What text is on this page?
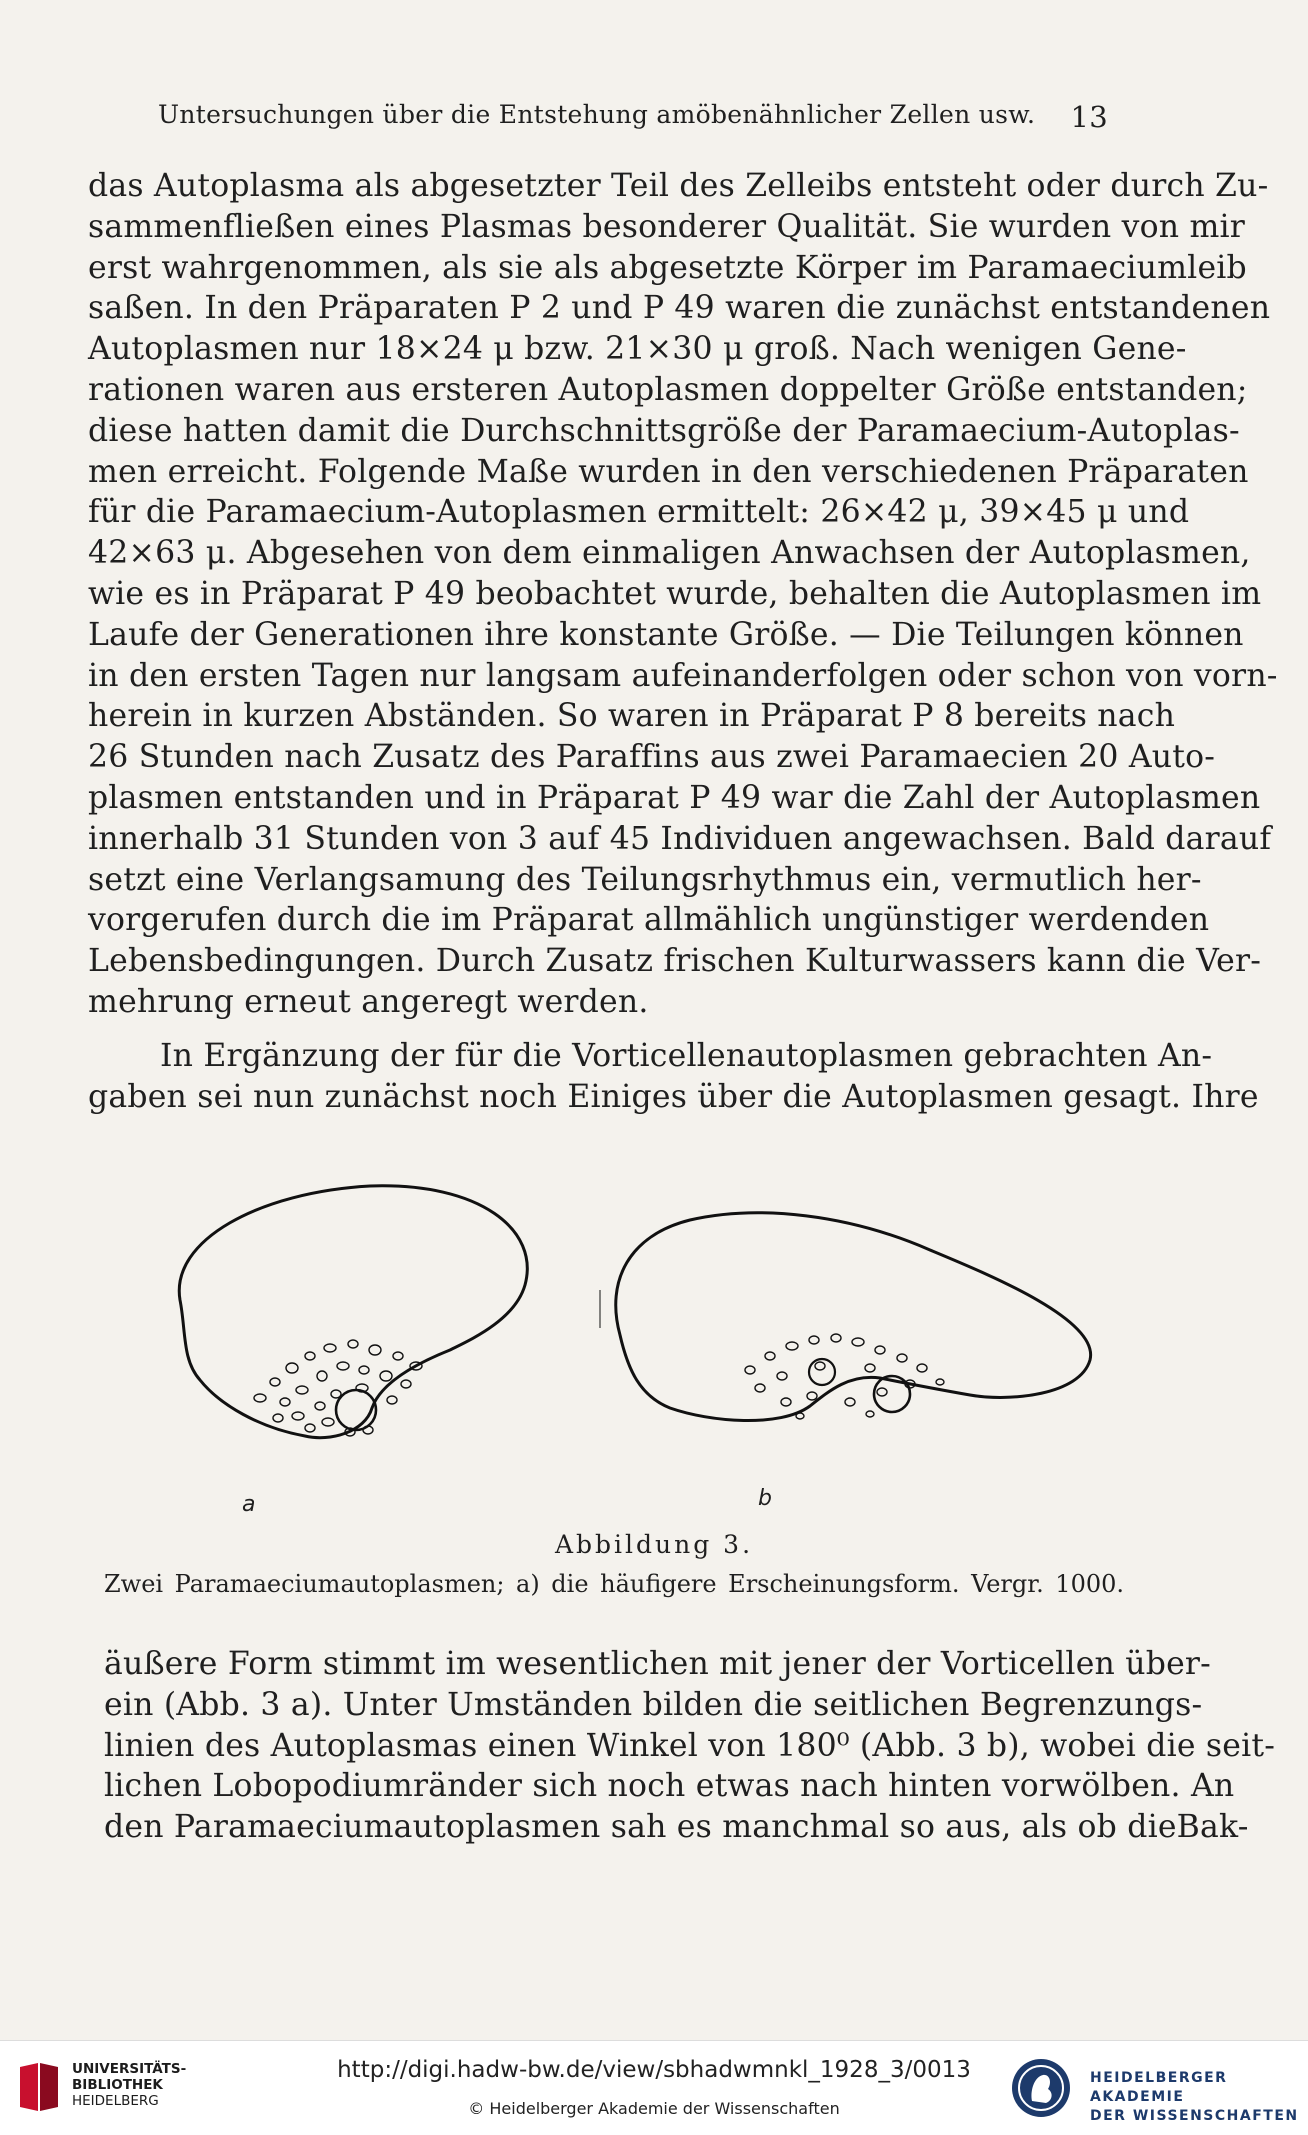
Untersuchungen über die Entstehung amöbenähnlicher Zellen usw. 13
das Autoplasma als abgesetzter Teil des Zelleibs entsteht oder durch Zu-
sammenfließen eines Plasmas besonderer Qualität. Sie wurden von mir
erst wahrgenommen, als sie als abgesetzte Körper im Paramaeciumleib
saßen. In den Präparaten P 2 und P 49 waren die zunächst entstandenen
Autoplasmen nur 18×24 μ bzw. 21×30 μ groß. Nach wenigen Gene-
rationen waren aus ersteren Autoplasmen doppelter Größe entstanden;
diese hatten damit die Durchschnittsgröße der Paramaecium-Autoplas-
men erreicht. Folgende Maße wurden in den verschiedenen Präparaten
für die Paramaecium-Autoplasmen ermittelt: 26×42 μ, 39×45 μ und
42×63 μ. Abgesehen von dem einmaligen Anwachsen der Autoplasmen,
wie es in Präparat P 49 beobachtet wurde, behalten die Autoplasmen im
Laufe der Generationen ihre konstante Größe. — Die Teilungen können
in den ersten Tagen nur langsam aufeinanderfolgen oder schon von vorn-
herein in kurzen Abständen. So waren in Präparat P 8 bereits nach
26 Stunden nach Zusatz des Paraffins aus zwei Paramaecien 20 Auto-
plasmen entstanden und in Präparat P 49 war die Zahl der Autoplasmen
innerhalb 31 Stunden von 3 auf 45 Individuen angewachsen. Bald darauf
setzt eine Verlangsamung des Teilungsrhythmus ein, vermutlich her-
vorgerufen durch die im Präparat allmählich ungünstiger werdenden
Lebensbedingungen. Durch Zusatz frischen Kulturwassers kann die Ver-
mehrung erneut angeregt werden.
In Ergänzung der für die Vorticellenautoplasmen gebrachten An-
gaben sei nun zunächst noch Einiges über die Autoplasmen gesagt. Ihre
a	b
Abbildung 3.
Zwei Paramaeciumautoplasmen; a) die häufigere Erscheinungsform. Vergr. 1000.
äußere Form stimmt im wesentlichen mit jener der Vorticellen über-
ein (Abb. 3 a). Unter Umständen bilden die seitlichen Begrenzungs-
linien des Autoplasmas einen Winkel von 180⁰ (Abb. 3 b), wobei die seit-
lichen Lobopodiumränder sich noch etwas nach hinten vorwölben. An
den Paramaeciumautoplasmen sah es manchmal so aus, als ob dieBak-
UNIVERSITÄTS-
BIBLIOTHEK
HEIDELBERG
http://digi.hadw-bw.de/view/sbhadwmnkl_1928_3/0013
© Heidelberger Akademie der Wissenschaften
HEIDELBERGER AKADEMIE
DER WISSENSCHAFTEN
